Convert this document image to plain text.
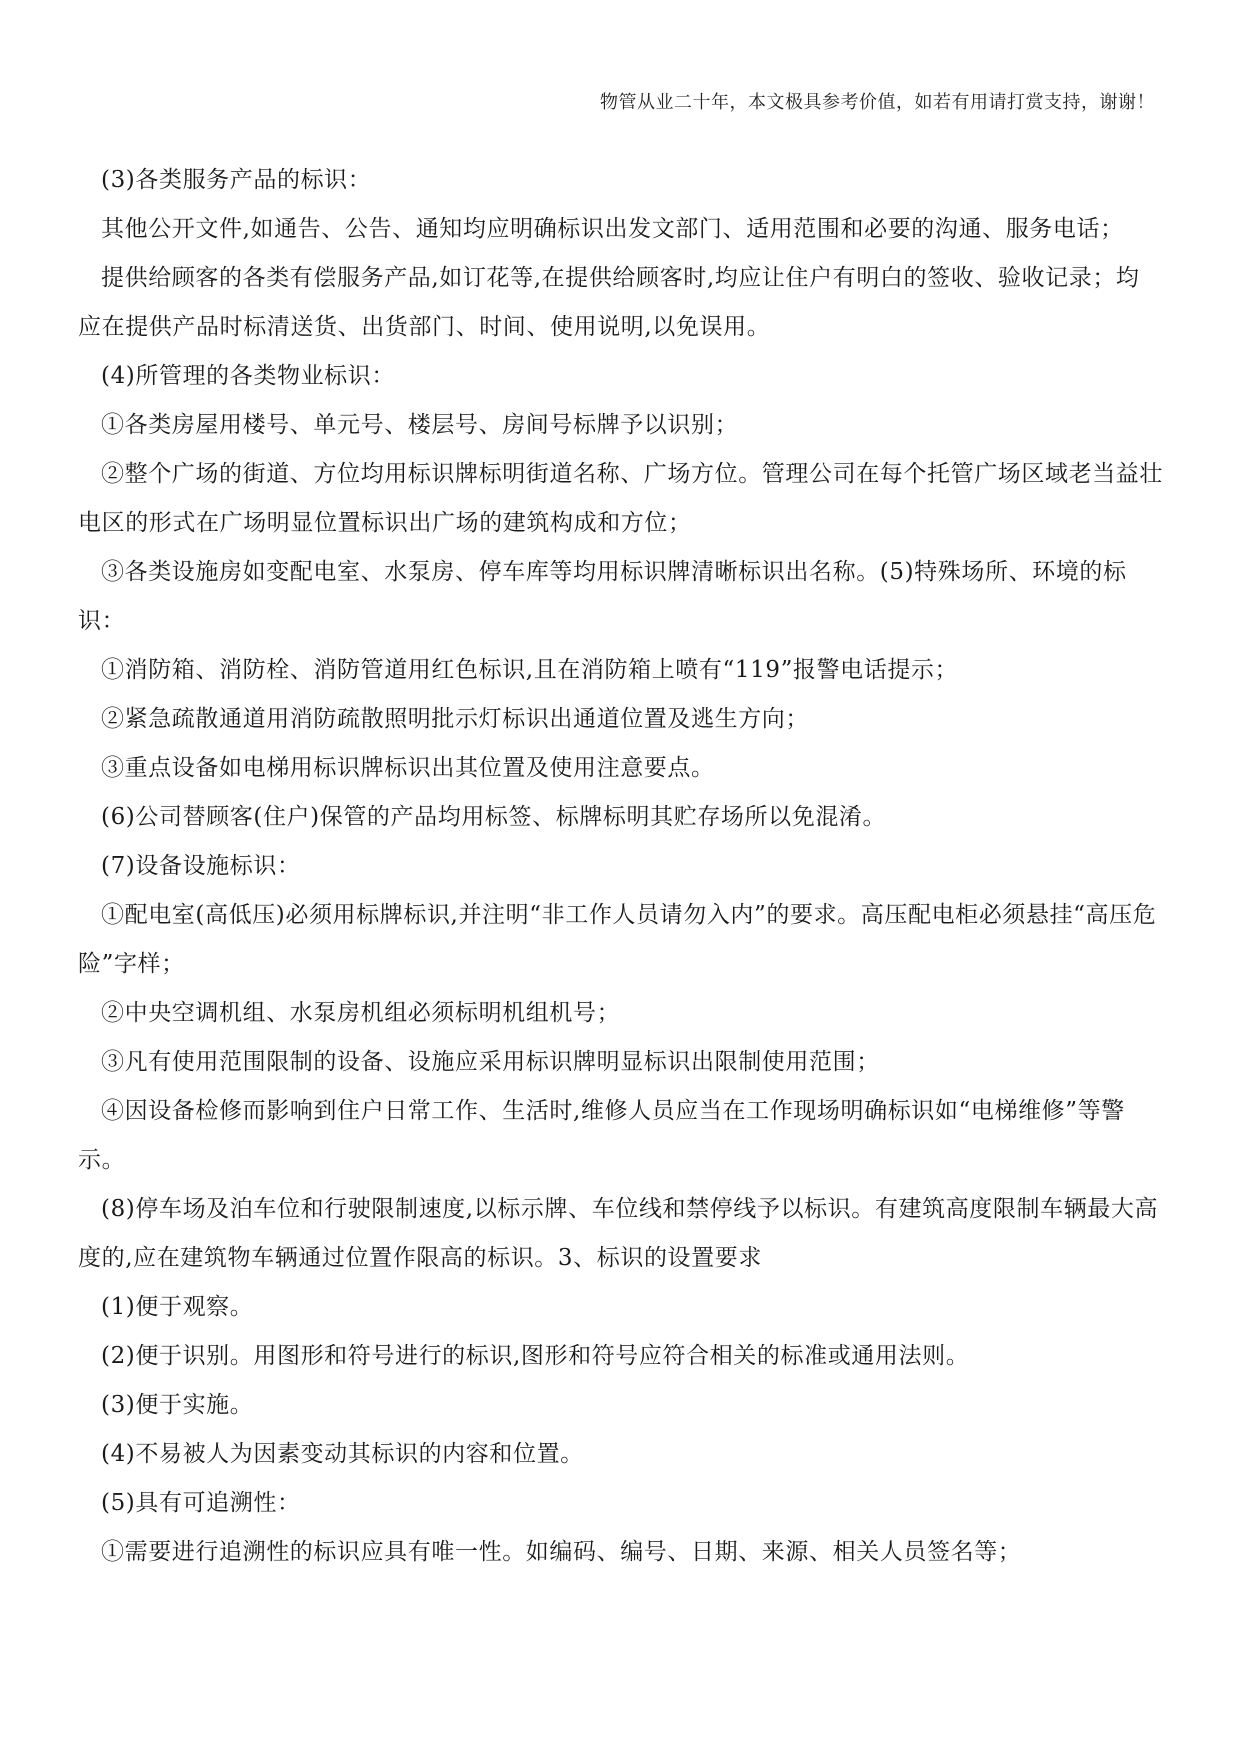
物管从业二十年，本文极具参考价值，如若有用请打赏支持，谢谢！

(3)各类服务产品的标识：

其他公开文件,如通告、公告、通知均应明确标识出发文部门、适用范围和必要的沟通、服务电话；

提供给顾客的各类有偿服务产品,如订花等,在提供给顾客时,均应让住户有明白的签收、验收记录；均应在提供产品时标清送货、出货部门、时间、使用说明,以免误用。

(4)所管理的各类物业标识：

①各类房屋用楼号、单元号、楼层号、房间号标牌予以识别；

②整个广场的街道、方位均用标识牌标明街道名称、广场方位。管理公司在每个托管广场区域老当益壮电区的形式在广场明显位置标识出广场的建筑构成和方位；

③各类设施房如变配电室、水泵房、停车库等均用标识牌清晰标识出名称。(5)特殊场所、环境的标识：

①消防箱、消防栓、消防管道用红色标识,且在消防箱上喷有“119”报警电话提示；

②紧急疏散通道用消防疏散照明批示灯标识出通道位置及逃生方向；

③重点设备如电梯用标识牌标识出其位置及使用注意要点。

(6)公司替顾客(住户)保管的产品均用标签、标牌标明其贮存场所以免混淆。

(7)设备设施标识：

①配电室(高低压)必须用标牌标识,并注明“非工作人员请勿入内”的要求。高压配电柜必须悬挂“高压危险”字样；

②中央空调机组、水泵房机组必须标明机组机号；

③凡有使用范围限制的设备、设施应采用标识牌明显标识出限制使用范围；

④因设备检修而影响到住户日常工作、生活时,维修人员应当在工作现场明确标识如“电梯维修”等警示。

(8)停车场及泊车位和行驶限制速度,以标示牌、车位线和禁停线予以标识。有建筑高度限制车辆最大高度的,应在建筑物车辆通过位置作限高的标识。3、标识的设置要求

(1)便于观察。

(2)便于识别。用图形和符号进行的标识,图形和符号应符合相关的标准或通用法则。

(3)便于实施。

(4)不易被人为因素变动其标识的内容和位置。

(5)具有可追溯性：

①需要进行追溯性的标识应具有唯一性。如编码、编号、日期、来源、相关人员签名等；
